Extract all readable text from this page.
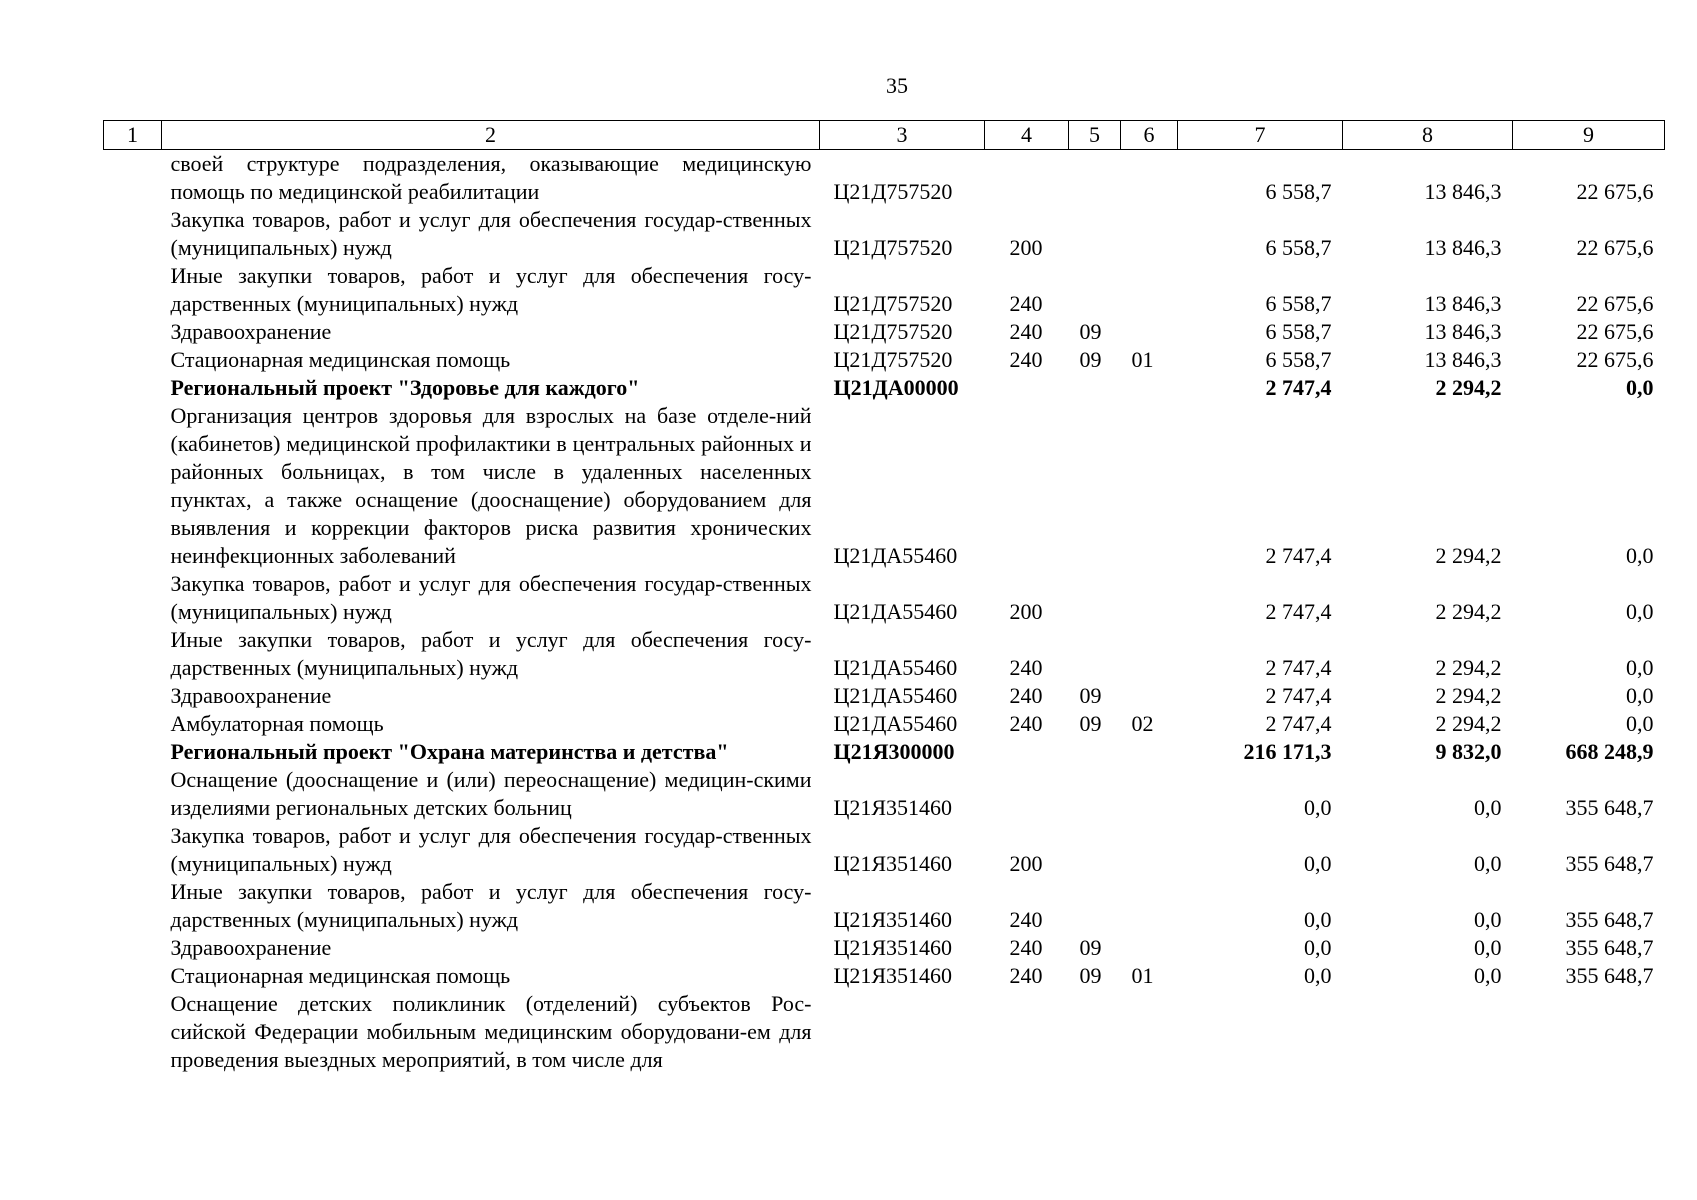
35
1	2	3	4	5	6	7	8	9
	своей структуре подразделения, оказывающие медицинскую помощь по медицинской реабилитации	Ц21Д757520				6 558,7	13 846,3	22 675,6
	Закупка товаров, работ и услуг для обеспечения государ-ственных (муниципальных) нужд	Ц21Д757520	200			6 558,7	13 846,3	22 675,6
	Иные закупки товаров, работ и услуг для обеспечения госу-дарственных (муниципальных) нужд	Ц21Д757520	240			6 558,7	13 846,3	22 675,6
	Здравоохранение	Ц21Д757520	240	09		6 558,7	13 846,3	22 675,6
	Стационарная медицинская помощь	Ц21Д757520	240	09	01	6 558,7	13 846,3	22 675,6
	Региональный проект "Здоровье для каждого"	Ц21ДА00000				2 747,4	2 294,2	0,0
	Организация центров здоровья для взрослых на базе отделе-ний (кабинетов) медицинской профилактики в центральных районных и районных больницах, в том числе в удаленных населенных пунктах, а также оснащение (дооснащение) оборудованием для выявления и коррекции факторов риска развития хронических неинфекционных заболеваний	Ц21ДА55460				2 747,4	2 294,2	0,0
	Закупка товаров, работ и услуг для обеспечения государ-ственных (муниципальных) нужд	Ц21ДА55460	200			2 747,4	2 294,2	0,0
	Иные закупки товаров, работ и услуг для обеспечения госу-дарственных (муниципальных) нужд	Ц21ДА55460	240			2 747,4	2 294,2	0,0
	Здравоохранение	Ц21ДА55460	240	09		2 747,4	2 294,2	0,0
	Амбулаторная помощь	Ц21ДА55460	240	09	02	2 747,4	2 294,2	0,0
	Региональный проект "Охрана материнства и детства"	Ц21Я300000				216 171,3	9 832,0	668 248,9
	Оснащение (дооснащение и (или) переоснащение) медицин-скими изделиями региональных детских больниц	Ц21Я351460				0,0	0,0	355 648,7
	Закупка товаров, работ и услуг для обеспечения государ-ственных (муниципальных) нужд	Ц21Я351460	200			0,0	0,0	355 648,7
	Иные закупки товаров, работ и услуг для обеспечения госу-дарственных (муниципальных) нужд	Ц21Я351460	240			0,0	0,0	355 648,7
	Здравоохранение	Ц21Я351460	240	09		0,0	0,0	355 648,7
	Стационарная медицинская помощь	Ц21Я351460	240	09	01	0,0	0,0	355 648,7
	Оснащение детских поликлиник (отделений) субъектов Рос-сийской Федерации мобильным медицинским оборудовани-ем для проведения выездных мероприятий, в том числе для							
